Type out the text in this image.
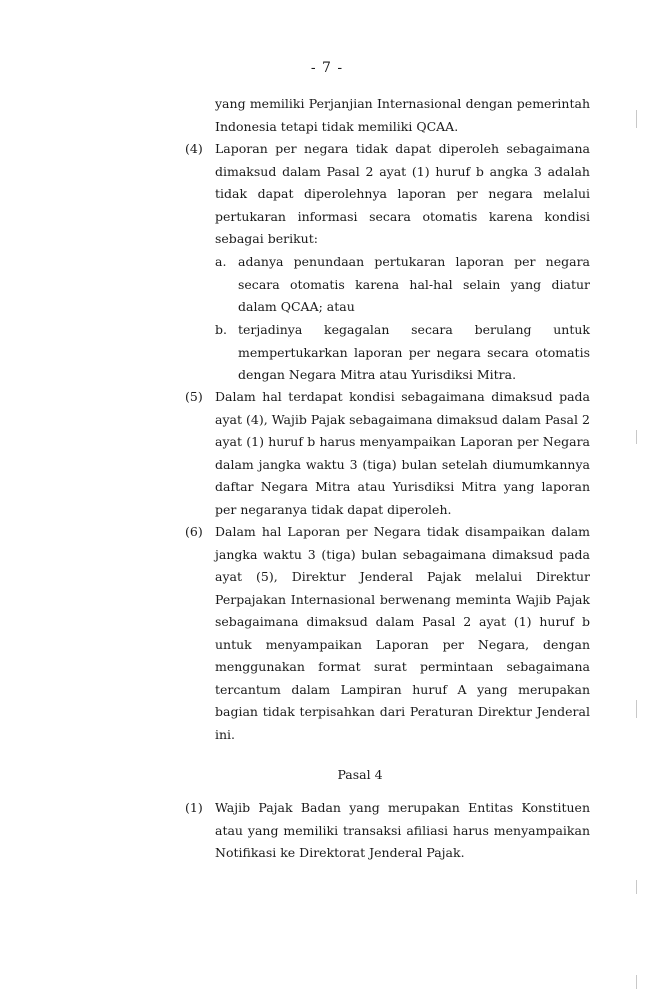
- 7 -
yang memiliki Perjanjian Internasional dengan pemerintah Indonesia tetapi tidak memiliki QCAA.
(4) Laporan per negara tidak dapat diperoleh sebagaimana dimaksud dalam Pasal 2 ayat (1) huruf b angka 3 adalah tidak dapat diperolehnya laporan per negara melalui pertukaran informasi secara otomatis karena kondisi sebagai berikut:
a. adanya penundaan pertukaran laporan per negara secara otomatis karena hal-hal selain yang diatur dalam QCAA; atau
b. terjadinya kegagalan secara berulang untuk mempertukarkan laporan per negara secara otomatis dengan Negara Mitra atau Yurisdiksi Mitra.
(5) Dalam hal terdapat kondisi sebagaimana dimaksud pada ayat (4), Wajib Pajak sebagaimana dimaksud dalam Pasal 2 ayat (1) huruf b harus menyampaikan Laporan per Negara dalam jangka waktu 3 (tiga) bulan setelah diumumkannya daftar Negara Mitra atau Yurisdiksi Mitra yang laporan per negaranya tidak dapat diperoleh.
(6) Dalam hal Laporan per Negara tidak disampaikan dalam jangka waktu 3 (tiga) bulan sebagaimana dimaksud pada ayat (5), Direktur Jenderal Pajak melalui Direktur Perpajakan Internasional berwenang meminta Wajib Pajak sebagaimana dimaksud dalam Pasal 2 ayat (1) huruf b untuk menyampaikan Laporan per Negara, dengan menggunakan format surat permintaan sebagaimana tercantum dalam Lampiran huruf A yang merupakan bagian tidak terpisahkan dari Peraturan Direktur Jenderal ini.
Pasal 4
(1) Wajib Pajak Badan yang merupakan Entitas Konstituen atau yang memiliki transaksi afiliasi harus menyampaikan Notifikasi ke Direktorat Jenderal Pajak.
